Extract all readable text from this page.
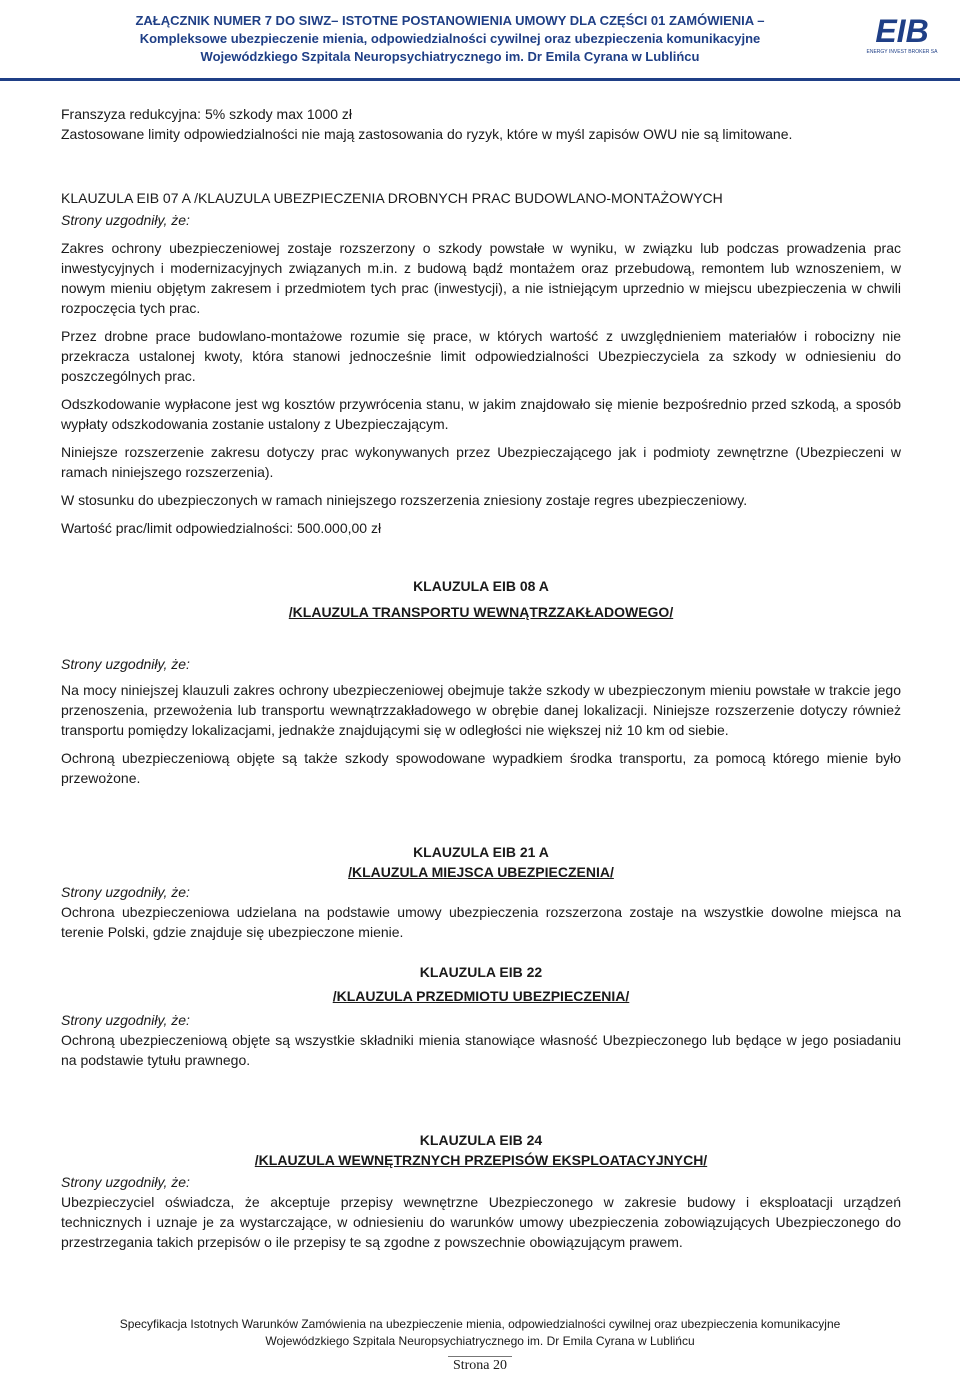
ZAŁĄCZNIK NUMER 7 DO SIWZ– ISTOTNE POSTANOWIENIA UMOWY DLA CZĘŚCI 01 ZAMÓWIENIA –
Kompleksowe ubezpieczenie mienia, odpowiedzialności cywilnej oraz ubezpieczenia komunikacyjne
Wojewódzkiego Szpitala Neuropsychiatrycznego im. Dr Emila Cyrana w Lublińcu
EIB
ENERGY INVEST BROKER SA

Franszyza redukcyjna: 5% szkody max 1000 zł

Zastosowane limity odpowiedzialności nie mają zastosowania do ryzyk, które w myśl zapisów OWU nie są limitowane.

KLAUZULA EIB 07 A /KLAUZULA UBEZPIECZENIA DROBNYCH PRAC BUDOWLANO-MONTAŻOWYCH

Strony uzgodniły, że:

Zakres ochrony ubezpieczeniowej zostaje rozszerzony o szkody powstałe w wyniku, w związku lub podczas prowadzenia prac inwestycyjnych i modernizacyjnych związanych m.in. z budową bądź montażem oraz przebudową, remontem lub wznoszeniem, w nowym mieniu objętym zakresem i przedmiotem tych prac (inwestycji), a nie istniejącym uprzednio w miejscu ubezpieczenia w chwili rozpoczęcia tych prac.

Przez drobne prace budowlano-montażowe rozumie się prace, w których wartość z uwzględnieniem materiałów i robocizny nie przekracza ustalonej kwoty, która stanowi jednocześnie limit odpowiedzialności Ubezpieczyciela za szkody w odniesieniu do poszczególnych prac.

Odszkodowanie wypłacone jest wg kosztów przywrócenia stanu, w jakim znajdowało się mienie bezpośrednio przed szkodą, a sposób wypłaty odszkodowania zostanie ustalony z Ubezpieczającym.

Niniejsze rozszerzenie zakresu dotyczy prac wykonywanych przez Ubezpieczającego jak i podmioty zewnętrzne (Ubezpieczeni w ramach niniejszego rozszerzenia).

W stosunku do ubezpieczonych w ramach niniejszego rozszerzenia zniesiony zostaje regres ubezpieczeniowy.

Wartość prac/limit odpowiedzialności: 500.000,00 zł

KLAUZULA EIB 08 A

/KLAUZULA TRANSPORTU WEWNĄTRZZAKŁADOWEGO/

Strony uzgodniły, że:

Na mocy niniejszej klauzuli zakres ochrony ubezpieczeniowej obejmuje także szkody w ubezpieczonym mieniu powstałe w trakcie jego przenoszenia, przewożenia lub transportu wewnątrzzakładowego w obrębie danej lokalizacji. Niniejsze rozszerzenie dotyczy również transportu pomiędzy lokalizacjami, jednakże znajdującymi się w odległości nie większej niż 10 km od siebie.

Ochroną ubezpieczeniową objęte są także szkody spowodowane wypadkiem środka transportu, za pomocą którego mienie było przewożone.

KLAUZULA EIB 21 A

/KLAUZULA MIEJSCA UBEZPIECZENIA/

Strony uzgodniły, że:

Ochrona ubezpieczeniowa udzielana na podstawie umowy ubezpieczenia rozszerzona zostaje na wszystkie dowolne miejsca na terenie Polski, gdzie znajduje się ubezpieczone mienie.

KLAUZULA EIB 22

/KLAUZULA PRZEDMIOTU UBEZPIECZENIA/

Strony uzgodniły, że:

Ochroną ubezpieczeniową objęte są wszystkie składniki mienia stanowiące własność Ubezpieczonego lub będące w jego posiadaniu na podstawie tytułu prawnego.

KLAUZULA EIB 24

/KLAUZULA WEWNĘTRZNYCH PRZEPISÓW EKSPLOATACYJNYCH/

Strony uzgodniły, że:

Ubezpieczyciel oświadcza, że akceptuje przepisy wewnętrzne Ubezpieczonego w zakresie budowy i eksploatacji urządzeń technicznych i uznaje je za wystarczające, w odniesieniu do warunków umowy ubezpieczenia zobowiązujących Ubezpieczonego do przestrzegania takich przepisów o ile przepisy te są zgodne z powszechnie obowiązującym prawem.

Specyfikacja Istotnych Warunków Zamówienia na ubezpieczenie mienia, odpowiedzialności cywilnej oraz ubezpieczenia komunikacyjne
Wojewódzkiego Szpitala Neuropsychiatrycznego im. Dr Emila Cyrana w Lublińcu
Strona 20
